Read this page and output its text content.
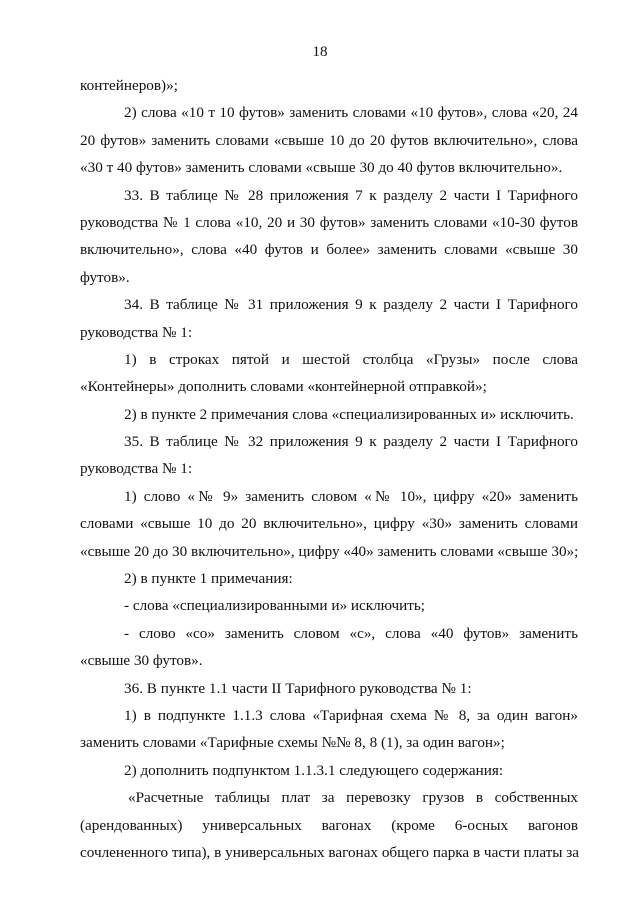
18
контейнеров)»;
2) слова «10 т 10 футов» заменить словами «10 футов», слова «20, 24
20 футов» заменить словами «свыше 10 до 20 футов включительно», слова
«30 т 40 футов» заменить словами «свыше 30 до 40 футов включительно».
33. В таблице № 28 приложения 7 к разделу 2 части I Тарифного
руководства № 1 слова «10, 20 и 30 футов» заменить словами «10-30 футов
включительно», слова «40 футов и более» заменить словами «свыше 30
футов».
34. В таблице № 31 приложения 9 к разделу 2 части I Тарифного
руководства № 1:
1) в строках пятой и шестой столбца «Грузы» после слова
«Контейнеры» дополнить словами «контейнерной отправкой»;
2) в пункте 2 примечания слова «специализированных и» исключить.
35. В таблице № 32 приложения 9 к разделу 2 части I Тарифного
руководства № 1:
1) слово «№ 9» заменить словом «№ 10», цифру «20» заменить
словами «свыше 10 до 20 включительно», цифру «30» заменить словами
«свыше 20 до 30 включительно», цифру «40» заменить словами «свыше 30»;
2) в пункте 1 примечания:
- слова «специализированными и» исключить;
- слово «со» заменить словом «с», слова «40 футов» заменить
«свыше 30 футов».
36. В пункте 1.1 части II Тарифного руководства № 1:
1) в подпункте 1.1.3 слова «Тарифная схема № 8, за один вагон»
заменить словами «Тарифные схемы №№ 8, 8 (1), за один вагон»;
2) дополнить подпунктом 1.1.3.1 следующего содержания:
«Расчетные таблицы плат за перевозку грузов в собственных
(арендованных) универсальных вагонах (кроме 6-осных вагонов
сочлененного типа), в универсальных вагонах общего парка в части платы за
